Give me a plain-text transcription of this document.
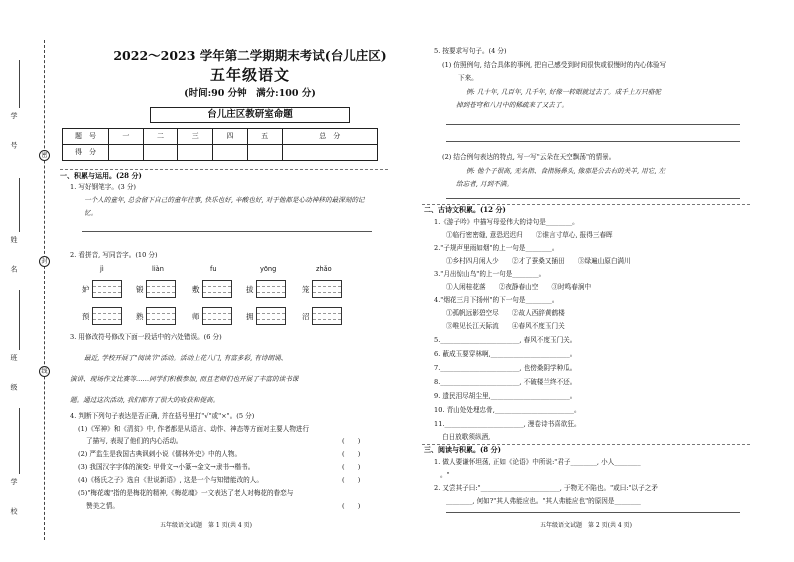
学 号
姓 名
班 级
学 校
密
封
线
2022～2023 学年第二学期期末考试(台儿庄区)
五年级语文
(时间:90 分钟　满分:100 分)
台儿庄区教研室命题
题　号	一	二	三	四	五	总　分
得　分						
一、积累与运用。(28 分)
1. 写好钢笔字。(3 分)
一个人的童年, 总会留下自己的童年往事, 快乐也好, 辛酸也好, 对于他都是心动神移的最深刻的记忆。
2. 看拼音, 写同音字。(10 分)
jì	liàn	fu	yōng	zhǎo
妒	锻	敷	拔	笼
预	熟	师	拥	沼
3. 用修改符号修改下面一段话中的六处错误。(6 分)
最近, 学校开展了"阅读节"活动。活动上花八门, 有富多彩, 有诗朗诵、
演讲、现场作文比赛等……同学们积极参加, 而且老师们也开展了丰富的读书课
题。通过这次活动, 我们都有了很大的收获和提高。
4. 判断下列句子表达是否正确, 并在括号里打"√"或"×"。(5 分)
(1)《军神》和《清贫》中, 作者都是从语言、动作、神态等方面对主要人物进行
了描写, 表现了他们的内心活动。	(　　)
(2) 严监生是我国古典讽刺小说《儒林外史》中的人物。	(　　)
(3) 我国汉字字体的演变: 甲骨文→小篆→金文→隶书→楷书。	(　　)
(4)《杨氏之子》选自《世说新语》, 这是一个与知错能改的人。	(　　)
(5)"梅花魂"指的是梅花的精神,《梅花魂》一文表达了老人对梅花的眷恋与
赞美之情。	(　　)
五年级语文试题　第 1 页(共 4 页)
5. 按要求写句子。(4 分)
(1) 仿照例句, 结合具体的事例, 把自己感受到时间很快或很慢时的内心体验写
下来。
例: 几十年, 几百年, 几千年, 好像一转眼就过去了。成千上万只骆驼
掉到苍穹和八月中的稀疏来了又去了。
(2) 结合例句表达的特点, 写一写"云朵在天空飘荡"的情景。
例: 他个子很高, 无名指、食指肠鼻头, 像那是公去右的关羊, 用它, 左
给忘者, 月到不满。
二、古诗文积累。(12 分)
1.《游子吟》中描写母爱伟大的诗句是________。
①临行密密缝, 意恐迟迟归　　②谁言寸草心, 报得三春晖
2."子规声里雨如烟"的上一句是________。
①乡村四月闲人少　　②才了蚕桑又插田　　③绿遍山原白满川
3."月出惊山鸟"的上一句是________。
①人闲桂花落　　②夜静春山空　　③时鸣春涧中
4."烟花三月下扬州"的下一句是________。
①孤帆远影碧空尽　　②故人西辞黄鹤楼
③唯见长江天际流　　④春风不度玉门关
5.________________________, 春风不度玉门关。
6. 蔽成玉要穿林啊,________________________。
7.________________________, 也傍桑阴学种瓜。
8.________________________, 不破楼兰终不还。
9. 遗民泪尽胡尘里,________________________。
10. 青山处处埋忠骨,________________________。
11.________________________, 漫卷诗书喜欲狂。
白日放歌须纵酒,
三、阅读与积累。(8 分)
1. 做人要谦怀坦荡, 正如《论语》中所说:"君子________, 小人________
。"
2. 又尝其子曰:"________________________, 于物无不陷也。"或曰:"以子之矛
________, 何如?"其人弗能应也。"其人弗能应也"的原因是________
五年级语文试题　第 2 页(共 4 页)
